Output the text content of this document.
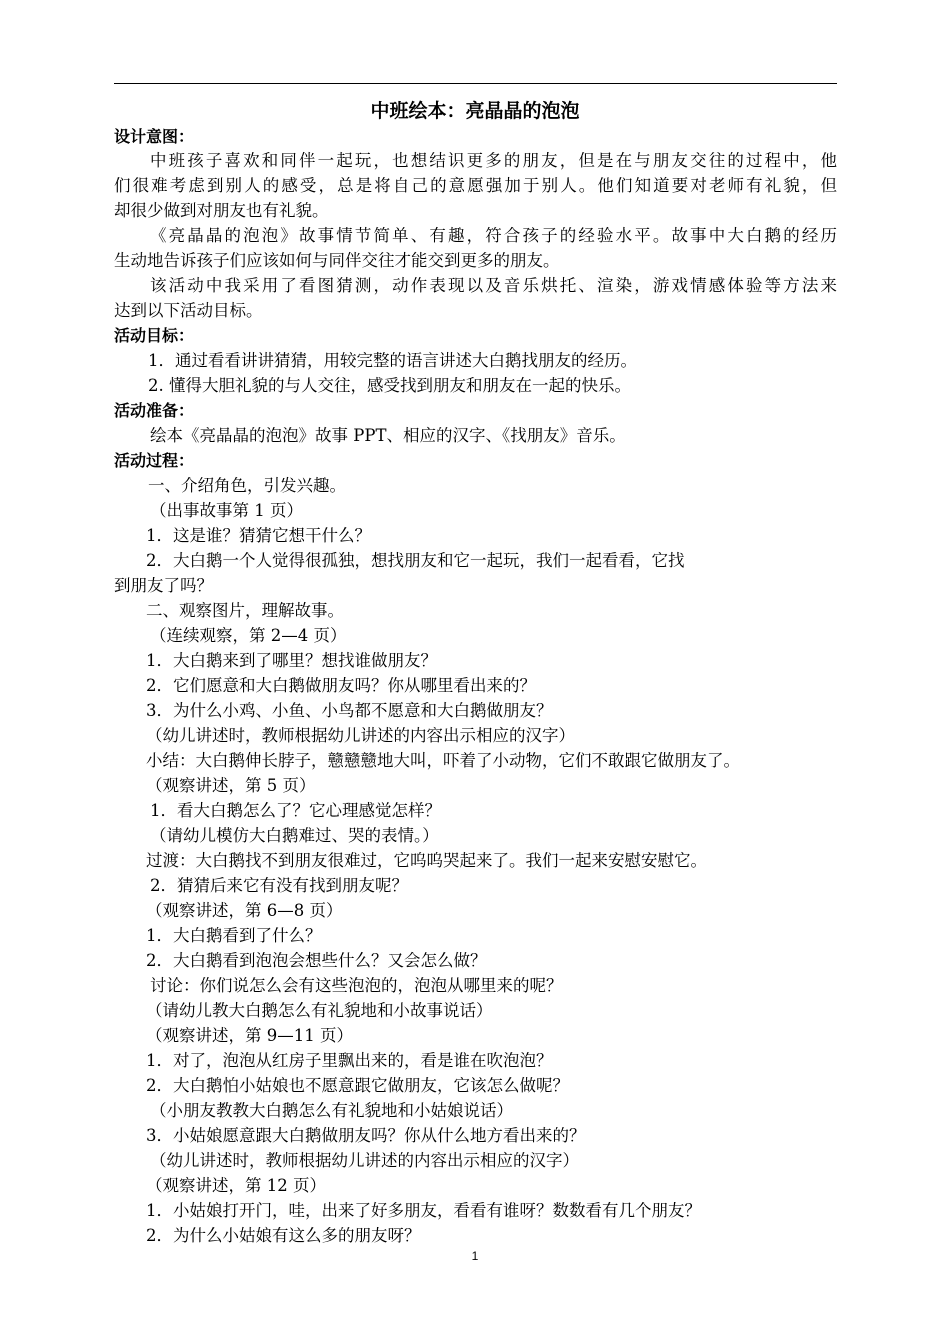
中班绘本：亮晶晶的泡泡
设计意图：
中班孩子喜欢和同伴一起玩，也想结识更多的朋友，但是在与朋友交往的过程中，他
们很难考虑到别人的感受，总是将自己的意愿强加于别人。他们知道要对老师有礼貌，但
却很少做到对朋友也有礼貌。
《亮晶晶的泡泡》故事情节简单、有趣，符合孩子的经验水平。故事中大白鹅的经历
生动地告诉孩子们应该如何与同伴交往才能交到更多的朋友。
该活动中我采用了看图猜测，动作表现以及音乐烘托、渲染，游戏情感体验等方法来
达到以下活动目标。
活动目标：
1．通过看看讲讲猜猜，用较完整的语言讲述大白鹅找朋友的经历。
2. 懂得大胆礼貌的与人交往，感受找到朋友和朋友在一起的快乐。
活动准备：
绘本《亮晶晶的泡泡》故事 PPT、相应的汉字、《找朋友》音乐。
活动过程：
一、介绍角色，引发兴趣。
（出事故事第 1 页）
1．这是谁？猜猜它想干什么？
2．大白鹅一个人觉得很孤独，想找朋友和它一起玩，我们一起看看，它找
到朋友了吗？
二、观察图片，理解故事。
（连续观察，第 2—4 页）
1．大白鹅来到了哪里？想找谁做朋友？
2．它们愿意和大白鹅做朋友吗？你从哪里看出来的？
3．为什么小鸡、小鱼、小鸟都不愿意和大白鹅做朋友？
（幼儿讲述时，教师根据幼儿讲述的内容出示相应的汉字）
小结：大白鹅伸长脖子，戆戆戆地大叫，吓着了小动物，它们不敢跟它做朋友了。
（观察讲述，第 5 页）
1．看大白鹅怎么了？它心理感觉怎样？
（请幼儿模仿大白鹅难过、哭的表情。）
过渡：大白鹅找不到朋友很难过，它呜呜哭起来了。我们一起来安慰安慰它。
2．猜猜后来它有没有找到朋友呢？
（观察讲述，第 6—8 页）
1．大白鹅看到了什么？
2．大白鹅看到泡泡会想些什么？又会怎么做？
讨论：你们说怎么会有这些泡泡的，泡泡从哪里来的呢？
（请幼儿教大白鹅怎么有礼貌地和小故事说话）
（观察讲述，第 9—11 页）
1．对了，泡泡从红房子里飘出来的，看是谁在吹泡泡？
2．大白鹅怕小姑娘也不愿意跟它做朋友，它该怎么做呢？
（小朋友教教大白鹅怎么有礼貌地和小姑娘说话）
3．小姑娘愿意跟大白鹅做朋友吗？你从什么地方看出来的？
（幼儿讲述时，教师根据幼儿讲述的内容出示相应的汉字）
（观察讲述，第 12 页）
1．小姑娘打开门，哇，出来了好多朋友，看看有谁呀？数数看有几个朋友？
2．为什么小姑娘有这么多的朋友呀？
1
